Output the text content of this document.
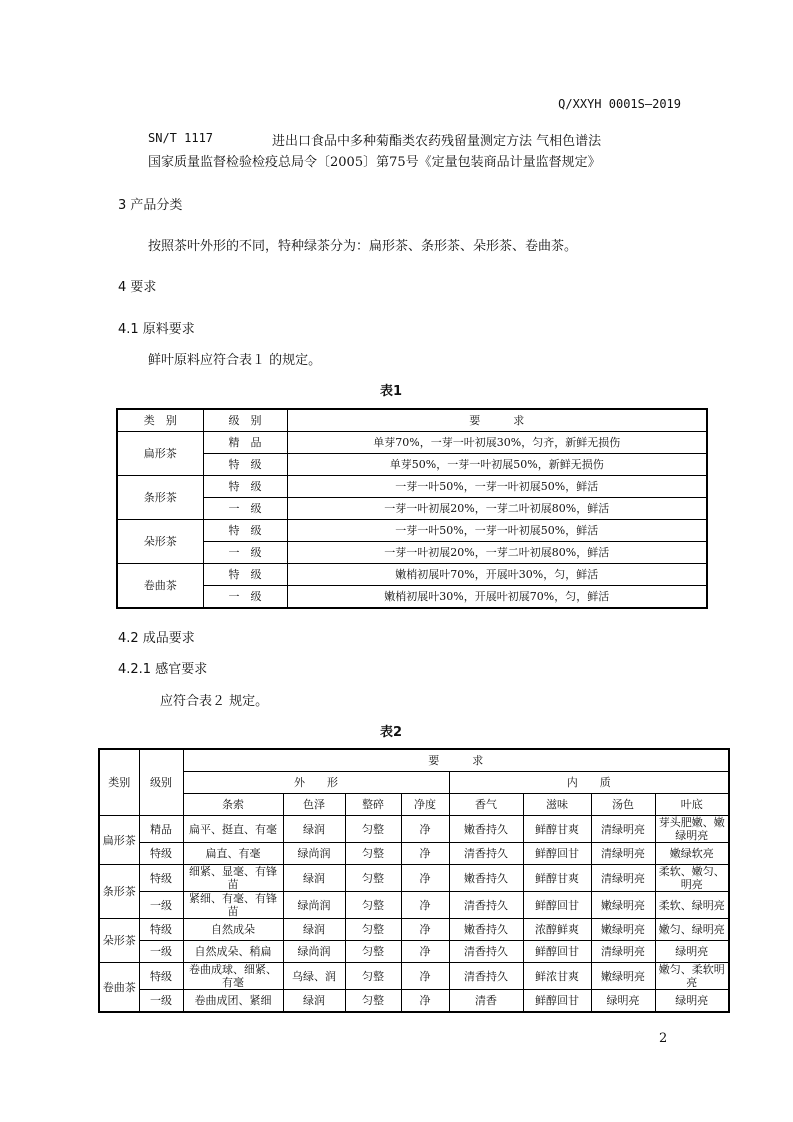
Q/XXYH 0001S—2019
SN/T 1117	进出口食品中多种菊酯类农药残留量测定方法 气相色谱法
国家质量监督检验检疫总局令〔2005〕第75号《定量包装商品计量监督规定》
3 产品分类
按照茶叶外形的不同，特种绿茶分为：扁形茶、条形茶、朵形茶、卷曲茶。
4 要求
4.1 原料要求
鲜叶原料应符合表１ 的规定。
表1
类　别	级　别	要　　　求
扁形茶	精　品	单芽70%，一芽一叶初展30%，匀齐，新鲜无损伤
	特　级	单芽50%，一芽一叶初展50%，新鲜无损伤
条形茶	特　级	一芽一叶50%，一芽一叶初展50%，鲜活
	一　级	一芽一叶初展20%，一芽二叶初展80%，鲜活
朵形茶	特　级	一芽一叶50%，一芽一叶初展50%，鲜活
	一　级	一芽一叶初展20%，一芽二叶初展80%，鲜活
卷曲茶	特　级	嫩梢初展叶70%，开展叶30%，匀，鲜活
	一　级	嫩梢初展叶30%，开展叶初展70%，匀，鲜活
4.2 成品要求
4.2.1 感官要求
应符合表２ 规定。
表2
类别	级别	要　　　求							
		外　　形				内　　质			
		条索	色泽	整碎	净度	香气	滋味	汤色	叶底
扁形茶	精品	扁平、挺直、有毫	绿润	匀整	净	嫩香持久	鲜醇甘爽	清绿明亮	芽头肥嫩、嫩绿明亮
	特级	扁直、有毫	绿尚润	匀整	净	清香持久	鲜醇回甘	清绿明亮	嫩绿软亮
条形茶	特级	细紧、显毫、有锋苗	绿润	匀整	净	嫩香持久	鲜醇甘爽	清绿明亮	柔软、嫩匀、明亮
	一级	紧细、有毫、有锋苗	绿尚润	匀整	净	清香持久	鲜醇回甘	嫩绿明亮	柔软、绿明亮
朵形茶	特级	自然成朵	绿润	匀整	净	嫩香持久	浓醇鲜爽	嫩绿明亮	嫩匀、绿明亮
	一级	自然成朵、稍扁	绿尚润	匀整	净	清香持久	鲜醇回甘	清绿明亮	绿明亮
卷曲茶	特级	卷曲成球、细紧、有毫	乌绿、润	匀整	净	清香持久	鲜浓甘爽	嫩绿明亮	嫩匀、柔软明亮
	一级	卷曲成团、紧细	绿润	匀整	净	清香	鲜醇回甘	绿明亮	绿明亮
2
